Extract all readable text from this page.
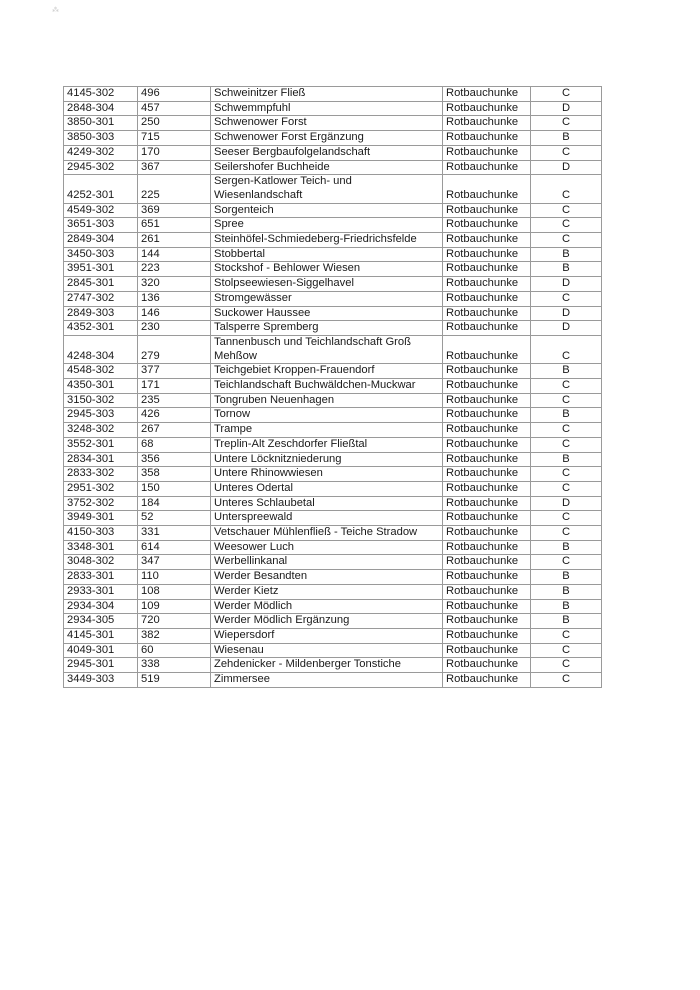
⁂
4145-302	496	Schweinitzer Fließ	Rotbauchunke	C
2848-304	457	Schwemmpfuhl	Rotbauchunke	D
3850-301	250	Schwenower Forst	Rotbauchunke	C
3850-303	715	Schwenower Forst Ergänzung	Rotbauchunke	B
4249-302	170	Seeser Bergbaufolgelandschaft	Rotbauchunke	C
2945-302	367	Seilershofer Buchheide	Rotbauchunke	D
4252-301	225	Sergen-Katlower Teich- und Wiesenlandschaft	Rotbauchunke	C
4549-302	369	Sorgenteich	Rotbauchunke	C
3651-303	651	Spree	Rotbauchunke	C
2849-304	261	Steinhöfel-Schmiedeberg-Friedrichsfelde	Rotbauchunke	C
3450-303	144	Stobbertal	Rotbauchunke	B
3951-301	223	Stockshof - Behlower Wiesen	Rotbauchunke	B
2845-301	320	Stolpseewiesen-Siggelhavel	Rotbauchunke	D
2747-302	136	Stromgewässer	Rotbauchunke	C
2849-303	146	Suckower Haussee	Rotbauchunke	D
4352-301	230	Talsperre Spremberg	Rotbauchunke	D
4248-304	279	Tannenbusch und Teichlandschaft Groß Mehßow	Rotbauchunke	C
4548-302	377	Teichgebiet Kroppen-Frauendorf	Rotbauchunke	B
4350-301	171	Teichlandschaft Buchwäldchen-Muckwar	Rotbauchunke	C
3150-302	235	Tongruben Neuenhagen	Rotbauchunke	C
2945-303	426	Tornow	Rotbauchunke	B
3248-302	267	Trampe	Rotbauchunke	C
3552-301	68	Treplin-Alt Zeschdorfer Fließtal	Rotbauchunke	C
2834-301	356	Untere Löcknitzniederung	Rotbauchunke	B
2833-302	358	Untere Rhinowwiesen	Rotbauchunke	C
2951-302	150	Unteres Odertal	Rotbauchunke	C
3752-302	184	Unteres Schlaubetal	Rotbauchunke	D
3949-301	52	Unterspreewald	Rotbauchunke	C
4150-303	331	Vetschauer Mühlenfließ - Teiche Stradow	Rotbauchunke	C
3348-301	614	Weesower Luch	Rotbauchunke	B
3048-302	347	Werbellinkanal	Rotbauchunke	C
2833-301	110	Werder Besandten	Rotbauchunke	B
2933-301	108	Werder Kietz	Rotbauchunke	B
2934-304	109	Werder Mödlich	Rotbauchunke	B
2934-305	720	Werder Mödlich Ergänzung	Rotbauchunke	B
4145-301	382	Wiepersdorf	Rotbauchunke	C
4049-301	60	Wiesenau	Rotbauchunke	C
2945-301	338	Zehdenicker - Mildenberger Tonstiche	Rotbauchunke	C
3449-303	519	Zimmersee	Rotbauchunke	C
